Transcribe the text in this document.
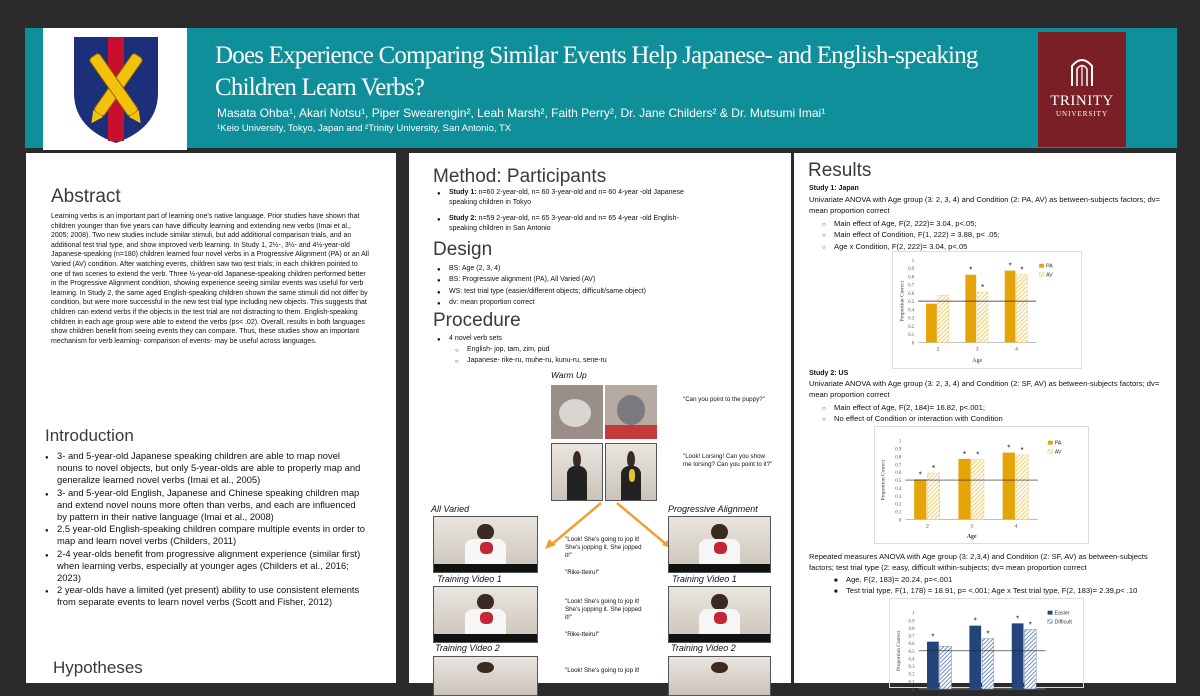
Does Experience Comparing Similar Events Help Japanese- and English-speaking
Children Learn Verbs?
Masata Ohba¹, Akari Notsu¹, Piper Swearengin², Leah Marsh², Faith Perry², Dr. Jane Childers² & Dr. Mutsumi Imai¹
¹Keio University, Tokyo, Japan and ²Trinity University, San Antonio, TX
TRINITY
UNIVERSITY
Abstract

Learning verbs is an important part of learning one's native language. Prior studies have shown that children younger than five years can have difficulty learning and extending new verbs (Imai et al., 2005; 2008). Two new studies include similar stimuli, but add additional comparison trials, and an additional test trial type, and show improved verb learning. In Study 1, 2½-, 3½- and 4½-year-old Japanese-speaking (n=180) children learned four novel verbs in a Progressive Alignment (PA) or an All Varied (AV) condition. After watching events, children saw two test trials; in each children pointed to one of two scenes to extend the verb. Three ½-year-old Japanese-speaking children performed better in the Progressive Alignment condition, showing experience seeing similar events was useful for verb learning. In Study 2, the same aged English-speaking children shown the same stimuli did not differ by condition, but were more successful in the new test trial type including new objects. This suggests that children can extend verbs if the objects in the test trial are not distracting to them. English-speaking children in each age group were able to extend the verbs (ps< .02). Overall, results in both languages show children benefit from seeing events they can compare. Thus, these studies show an important mechanism for verb learning- comparison of events- may be useful across languages.

Introduction
● 3- and 5-year-old Japanese speaking children are able to map novel nouns to novel objects, but only 5-year-olds are able to properly map and generalize learned novel verbs (Imai et al., 2005)
● 3- and 5-year-old English, Japanese and Chinese speaking children map and extend novel nouns more often than verbs, and each are influenced by pattern in their native language (Imai et al., 2008)
● 2.5 year-old English-speaking children compare multiple events in order to map and learn novel verbs (Childers, 2011)
● 2-4 year-olds benefit from progressive alignment experience (similar first) when learning verbs, especially at younger ages (Childers et al., 2016; 2023)
● 2 year-olds have a limited (yet present) ability to use consistent elements from separate events to learn novel verbs (Scott and Fisher, 2012)
Hypotheses
Method: Participants
● Study 1: n=60 2-year-old, n= 60 3-year-old and n= 60 4-year -old Japanese speaking children in Tokyo
● Study 2: n=59 2-year-old, n= 65 3-year-old and n= 65 4-year -old English-speaking children in San Antonio
Design
● BS: Age (2, 3, 4)
● BS: Progressive alignment (PA), All Varied (AV)
● WS: test trial type (easier/different objects; difficult/same object)
● dv: mean proportion correct
Procedure
● 4 novel verb sets
○ English- jop, tam, zim, pud
○ Japanese- rike-ru, muhe-ru, kunu-ru, sene-ru
Warm Up
"Can you point to the puppy?"
"Look! Lorsing! Can you show me lorsing? Can you point to it?"
All Varied	Progressive Alignment
Training Video 1	Training Video 1
"Look! She's going to jop it! She's jopping it. She jopped it!"
"Rike-tteiru!"
Training Video 2	Training Video 2
"Look! She's going to jop it! She's jopping it. She jopped it!"
"Rike-tteiru!"
"Look! She's going to jop it!
Results
Study 1: Japan
Univariate ANOVA with Age group (3: 2, 3, 4) and Condition (2: PA, AV) as between-subjects factors; dv= mean proportion correct
○ Main effect of Age, F(2, 222)= 3.04, p<.05;
○ Main effect of Condition, F(1, 222) = 3.88, p< .05;
○ Age x Condition, F(2, 222)= 3.04, p<.05
0
0.1
0.2
0.3
0.4
0.5
0.6
0.7
0.8
0.9
1
2	3
*
*
4
* *	PA
AV
Age
Proportion Correct
Study 2: US
Univariate ANOVA with Age group (3: 2, 3, 4) and Condition (2: SF, AV) as between-subjects factors; dv= mean proportion correct
○ Main effect of Age, F(2, 184)= 16.82, p<.001;
○ No effect of Condition or interaction with Condition
0
0.1
0.2
0.3
0.4
0.5
0.6
0.7
0.8
0.9
1
2
*
*
3
* *
4
* *
PA
AV
Age
Proportion Correct
Repeated measures ANOVA with Age group (3: 2,3,4) and Condition (2: SF, AV) as between-subjects factors; test trial type (2: easy, difficult within-subjects; dv= mean proportion correct
■ Age, F(2, 183)= 20.24, p=<.001
■ Test trial type, F(1, 178) = 18.91, p= <.001; Age x Test trial type, F(2, 183)= 2.39,p< .10
0
0.1
0.2
0.3
0.4
0.5
0.6
0.7
0.8
0.9
1
2
*
3
*
*
4
*
*
Easier
Difficult
Proportion Correct
